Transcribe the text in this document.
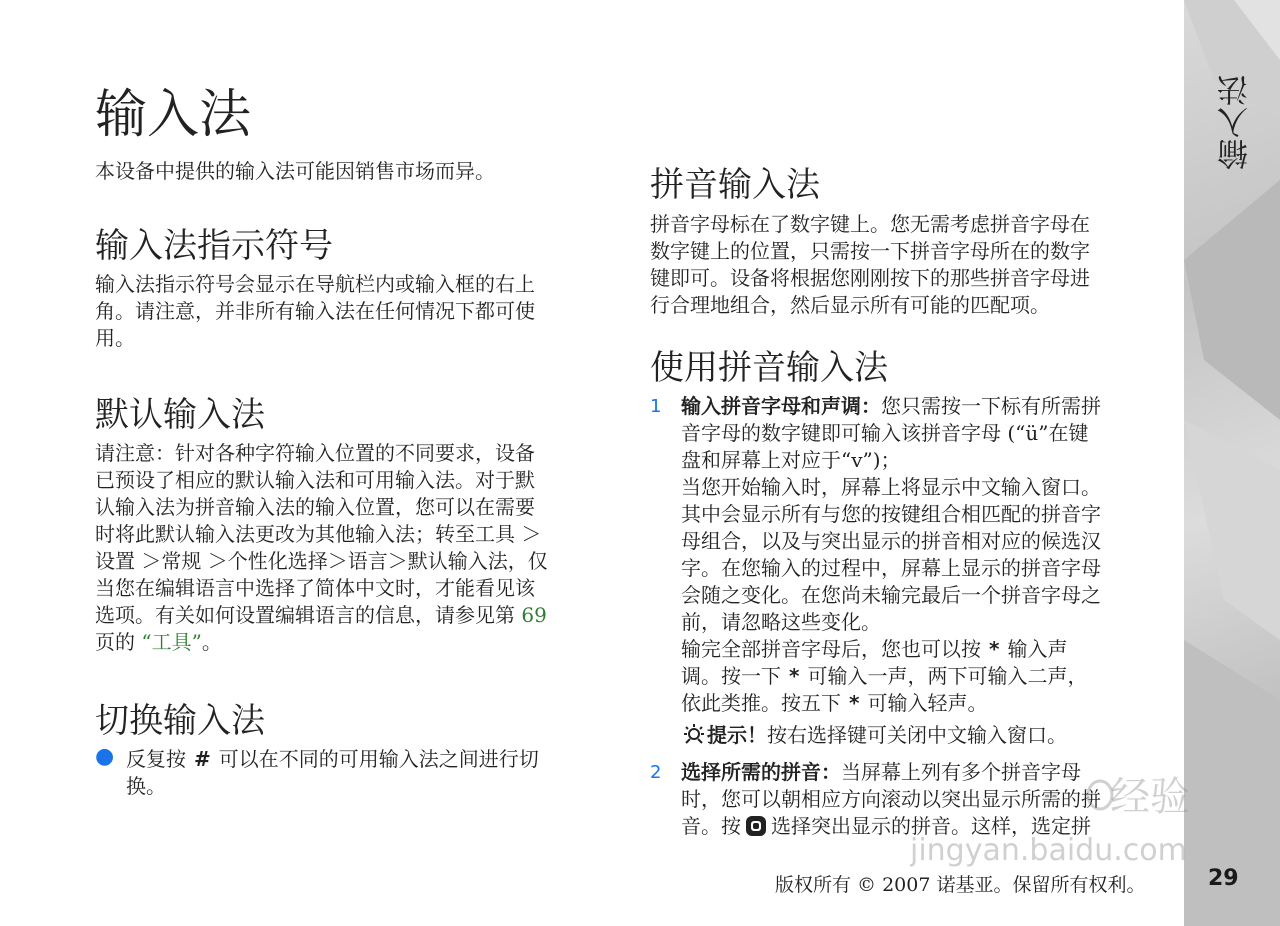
输入法
29
输入法

本设备中提供的输入法可能因销售市场而异。

输入法指示符号
输入法指示符号会显示在导航栏内或输入框的右上
角。请注意，并非所有输入法在任何情况下都可使
用。
默认输入法
请注意：针对各种字符输入位置的不同要求，设备
已预设了相应的默认输入法和可用输入法。对于默
认输入法为拼音输入法的输入位置，您可以在需要
时将此默认输入法更改为其他输入法；转至工具 ＞
设置 ＞常规 ＞个性化选择＞语言＞默认输入法，仅
当您在编辑语言中选择了简体中文时，才能看见该
选项。有关如何设置编辑语言的信息，请参见第 69
页的 “工具”。
切换输入法
● 反复按 # 可以在不同的可用输入法之间进行切
换。
拼音输入法
拼音字母标在了数字键上。您无需考虑拼音字母在
数字键上的位置，只需按一下拼音字母所在的数字
键即可。设备将根据您刚刚按下的那些拼音字母进
行合理地组合，然后显示所有可能的匹配项。
使用拼音输入法
1 输入拼音字母和声调：您只需按一下标有所需拼
音字母的数字键即可输入该拼音字母 (“ü”在键
盘和屏幕上对应于“v”)；
当您开始输入时，屏幕上将显示中文输入窗口。
其中会显示所有与您的按键组合相匹配的拼音字
母组合，以及与突出显示的拼音相对应的候选汉
字。在您输入的过程中，屏幕上显示的拼音字母
会随之变化。在您尚未输完最后一个拼音字母之
前，请忽略这些变化。
输完全部拼音字母后，您也可以按 * 输入声
调。按一下 * 可输入一声，两下可输入二声，
依此类推。按五下 * 可输入轻声。
提示！按右选择键可关闭中文输入窗口。
2 选择所需的拼音：当屏幕上列有多个拼音字母
时，您可以朝相应方向滚动以突出显示所需的拼
音。按 选择突出显示的拼音。这样，选定拼
经验
jingyan.baidu.com
版权所有 © 2007 诺基亚。保留所有权利。
